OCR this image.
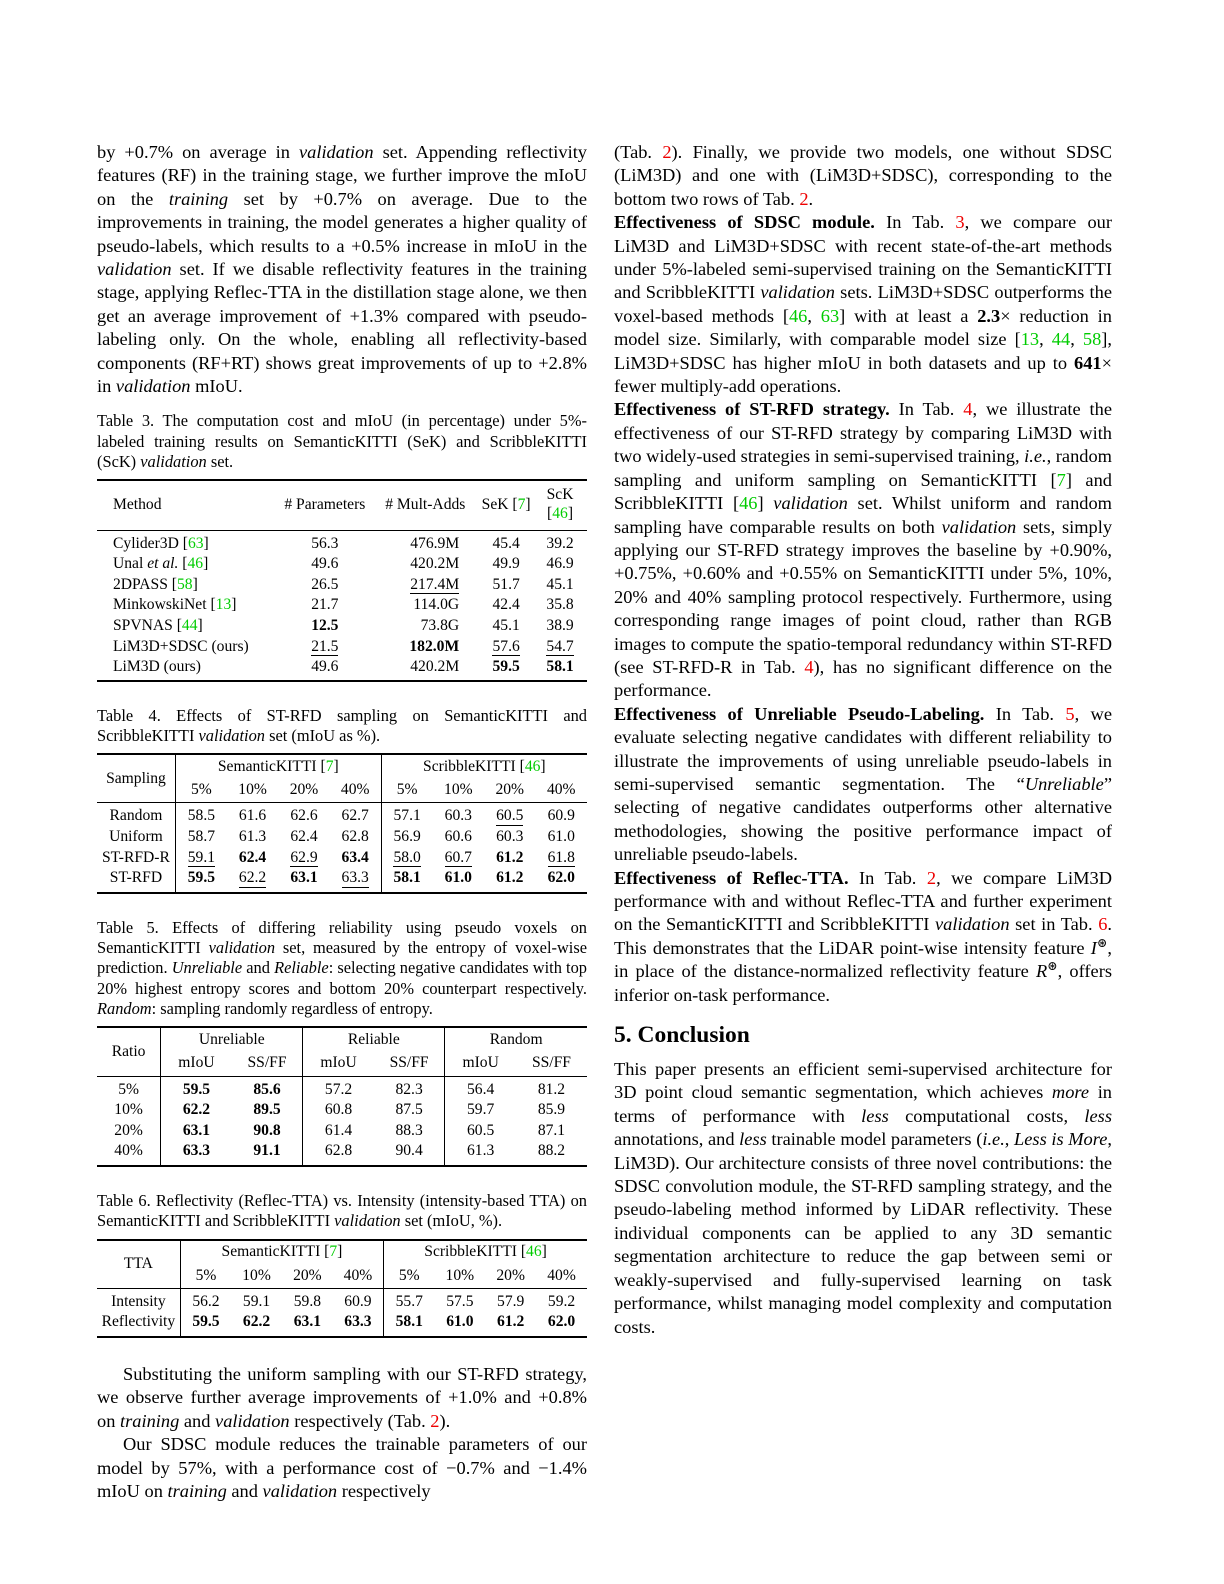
by +0.7% on average in validation set. Appending reflectivity features (RF) in the training stage, we further improve the mIoU on the training set by +0.7% on average. Due to the improvements in training, the model generates a higher quality of pseudo-labels, which results to a +0.5% increase in mIoU in the validation set. If we disable reflectivity features in the training stage, applying Reflec-TTA in the distillation stage alone, we then get an average improvement of +1.3% compared with pseudo-labeling only. On the whole, enabling all reflectivity-based components (RF+RT) shows great improvements of up to +2.8% in validation mIoU.

Table 3. The computation cost and mIoU (in percentage) under 5%-labeled training results on SemanticKITTI (SeK) and ScribbleKITTI (ScK) validation set.

Method	# Parameters	# Mult-Adds	SeK [7]	ScK [46]
Cylider3D [63]	56.3	476.9M	45.4	39.2
Unal et al. [46]	49.6	420.2M	49.9	46.9
2DPASS [58]	26.5	217.4M	51.7	45.1
MinkowskiNet [13]	21.7	114.0G	42.4	35.8
SPVNAS [44]	12.5	73.8G	45.1	38.9
LiM3D+SDSC (ours)	21.5	182.0M	57.6	54.7
LiM3D (ours)	49.6	420.2M	59.5	58.1

Table 4. Effects of ST-RFD sampling on SemanticKITTI and ScribbleKITTI validation set (mIoU as %).

Sampling	SemanticKITTI [7]				ScribbleKITTI [46]			
	5%	10%	20%	40%	5%	10%	20%	40%
Random	58.5	61.6	62.6	62.7	57.1	60.3	60.5	60.9
Uniform	58.7	61.3	62.4	62.8	56.9	60.6	60.3	61.0
ST-RFD-R	59.1	62.4	62.9	63.4	58.0	60.7	61.2	61.8
ST-RFD	59.5	62.2	63.1	63.3	58.1	61.0	61.2	62.0

Table 5. Effects of differing reliability using pseudo voxels on SemanticKITTI validation set, measured by the entropy of voxel-wise prediction. Unreliable and Reliable: selecting negative candidates with top 20% highest entropy scores and bottom 20% counterpart respectively. Random: sampling randomly regardless of entropy.

Ratio	Unreliable		Reliable		Random	
	mIoU	SS/FF	mIoU	SS/FF	mIoU	SS/FF
5%	59.5	85.6	57.2	82.3	56.4	81.2
10%	62.2	89.5	60.8	87.5	59.7	85.9
20%	63.1	90.8	61.4	88.3	60.5	87.1
40%	63.3	91.1	62.8	90.4	61.3	88.2

Table 6. Reflectivity (Reflec-TTA) vs. Intensity (intensity-based TTA) on SemanticKITTI and ScribbleKITTI validation set (mIoU, %).

TTA	SemanticKITTI [7]				ScribbleKITTI [46]			
	5%	10%	20%	40%	5%	10%	20%	40%
Intensity	56.2	59.1	59.8	60.9	55.7	57.5	57.9	59.2
Reflectivity	59.5	62.2	63.1	63.3	58.1	61.0	61.2	62.0

Substituting the uniform sampling with our ST-RFD strategy, we observe further average improvements of +1.0% and +0.8% on training and validation respectively (Tab. 2).

Our SDSC module reduces the trainable parameters of our model by 57%, with a performance cost of −0.7% and −1.4% mIoU on training and validation respectively

(Tab. 2). Finally, we provide two models, one without SDSC (LiM3D) and one with (LiM3D+SDSC), corresponding to the bottom two rows of Tab. 2.

Effectiveness of SDSC module. In Tab. 3, we compare our LiM3D and LiM3D+SDSC with recent state-of-the-art methods under 5%-labeled semi-supervised training on the SemanticKITTI and ScribbleKITTI validation sets. LiM3D+SDSC outperforms the voxel-based methods [46, 63] with at least a 2.3× reduction in model size. Similarly, with comparable model size [13, 44, 58], LiM3D+SDSC has higher mIoU in both datasets and up to 641× fewer multiply-add operations.

Effectiveness of ST-RFD strategy. In Tab. 4, we illustrate the effectiveness of our ST-RFD strategy by comparing LiM3D with two widely-used strategies in semi-supervised training, i.e., random sampling and uniform sampling on SemanticKITTI [7] and ScribbleKITTI [46] validation set. Whilst uniform and random sampling have comparable results on both validation sets, simply applying our ST-RFD strategy improves the baseline by +0.90%, +0.75%, +0.60% and +0.55% on SemanticKITTI under 5%, 10%, 20% and 40% sampling protocol respectively. Furthermore, using corresponding range images of point cloud, rather than RGB images to compute the spatio-temporal redundancy within ST-RFD (see ST-RFD-R in Tab. 4), has no significant difference on the performance.

Effectiveness of Unreliable Pseudo-Labeling. In Tab. 5, we evaluate selecting negative candidates with different reliability to illustrate the improvements of using unreliable pseudo-labels in semi-supervised semantic segmentation. The “Unreliable” selecting of negative candidates outperforms other alternative methodologies, showing the positive performance impact of unreliable pseudo-labels.

Effectiveness of Reflec-TTA. In Tab. 2, we compare LiM3D performance with and without Reflec-TTA and further experiment on the SemanticKITTI and ScribbleKITTI validation set in Tab. 6. This demonstrates that the LiDAR point-wise intensity feature I⊛, in place of the distance-normalized reflectivity feature R⊛, offers inferior on-task performance.

5. Conclusion

This paper presents an efficient semi-supervised architecture for 3D point cloud semantic segmentation, which achieves more in terms of performance with less computational costs, less annotations, and less trainable model parameters (i.e., Less is More, LiM3D). Our architecture consists of three novel contributions: the SDSC convolution module, the ST-RFD sampling strategy, and the pseudo-labeling method informed by LiDAR reflectivity. These individual components can be applied to any 3D semantic segmentation architecture to reduce the gap between semi or weakly-supervised and fully-supervised learning on task performance, whilst managing model complexity and computation costs.
